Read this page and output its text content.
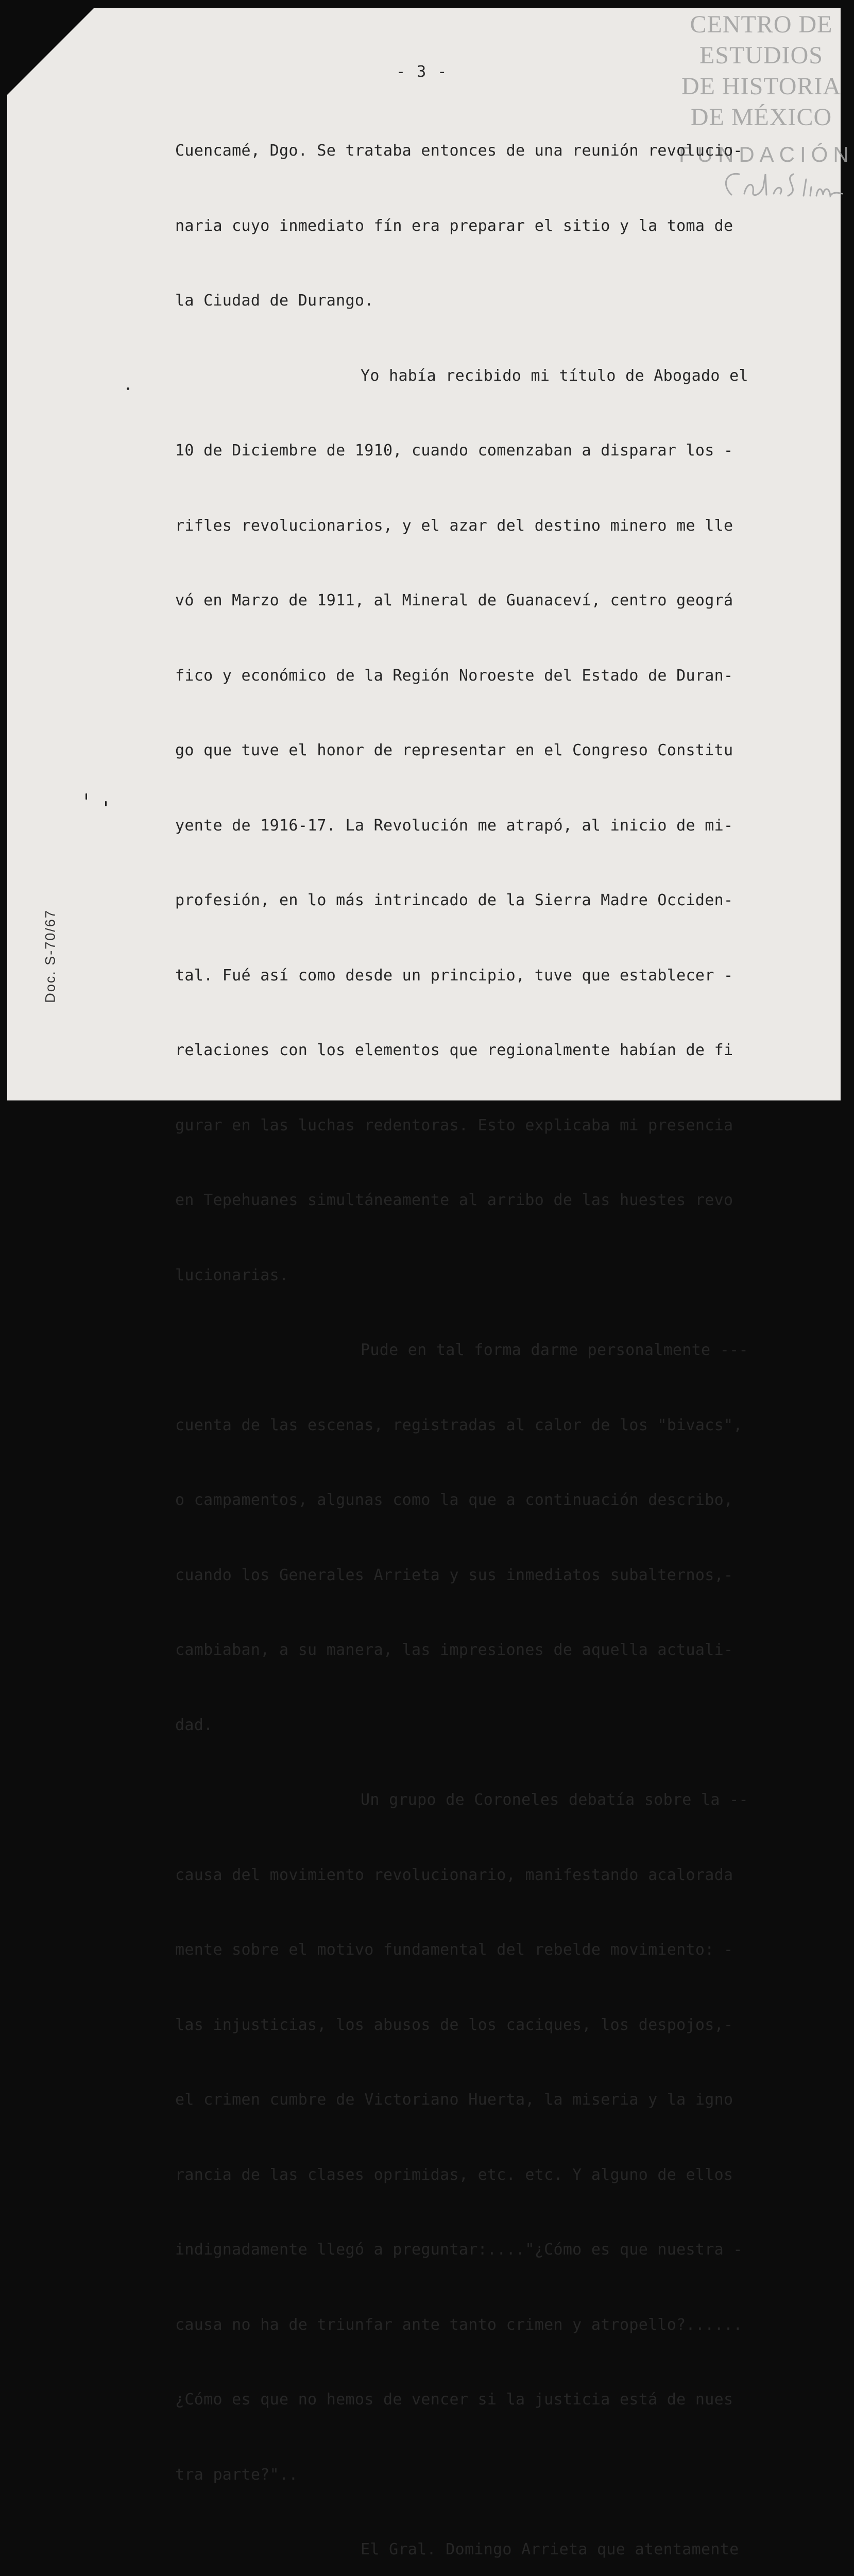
CENTRO DE
ESTUDIOS
DE HISTORIA
DE MÉXICO
FUNDACIÓN
- 3 -

Cuencamé, Dgo. Se trataba entonces de una reunión revolucio-

naria cuyo inmediato fín era preparar el sitio y la toma de

la Ciudad de Durango.

Yo había recibido mi título de Abogado el

10 de Diciembre de 1910, cuando comenzaban a disparar los -

rifles revolucionarios, y el azar del destino minero me lle

vó en Marzo de 1911, al Mineral de Guanaceví, centro geográ

fico y económico de la Región Noroeste del Estado de Duran-

go que tuve el honor de representar en el Congreso Constitu

yente de 1916-17. La Revolución me atrapó, al inicio de mi-

profesión, en lo más intrincado de la Sierra Madre Occiden-

tal. Fué así como desde un principio, tuve que establecer -

relaciones con los elementos que regionalmente habían de fi

gurar en las luchas redentoras. Esto explicaba mi presencia

en Tepehuanes simultáneamente al arribo de las huestes revo

lucionarias.

Pude en tal forma darme personalmente ---

cuenta de las escenas, registradas al calor de los "bivacs",

o campamentos, algunas como la que a continuación describo,

cuando los Generales Arrieta y sus inmediatos subalternos,-

cambiaban, a su manera, las impresiones de aquella actuali-

dad.

Un grupo de Coroneles debatía sobre la --

causa del movimiento revolucionario, manifestando acalorada

mente sobre el motivo fundamental del rebelde movimiento: -

las injusticias, los abusos de los caciques, los despojos,-

el crimen cumbre de Victoriano Huerta, la miseria y la igno

rancia de las clases oprimidas, etc. etc. Y alguno de ellos

indignadamente llegó a preguntar:...."¿Cómo es que nuestra -

causa no ha de triunfar ante tanto crimen y atropello?......

¿Cómo es que no hemos de vencer si la justicia está de nues

tra parte?"..

El Gral. Domingo Arrieta que atentamente

Doc. S-70/67
